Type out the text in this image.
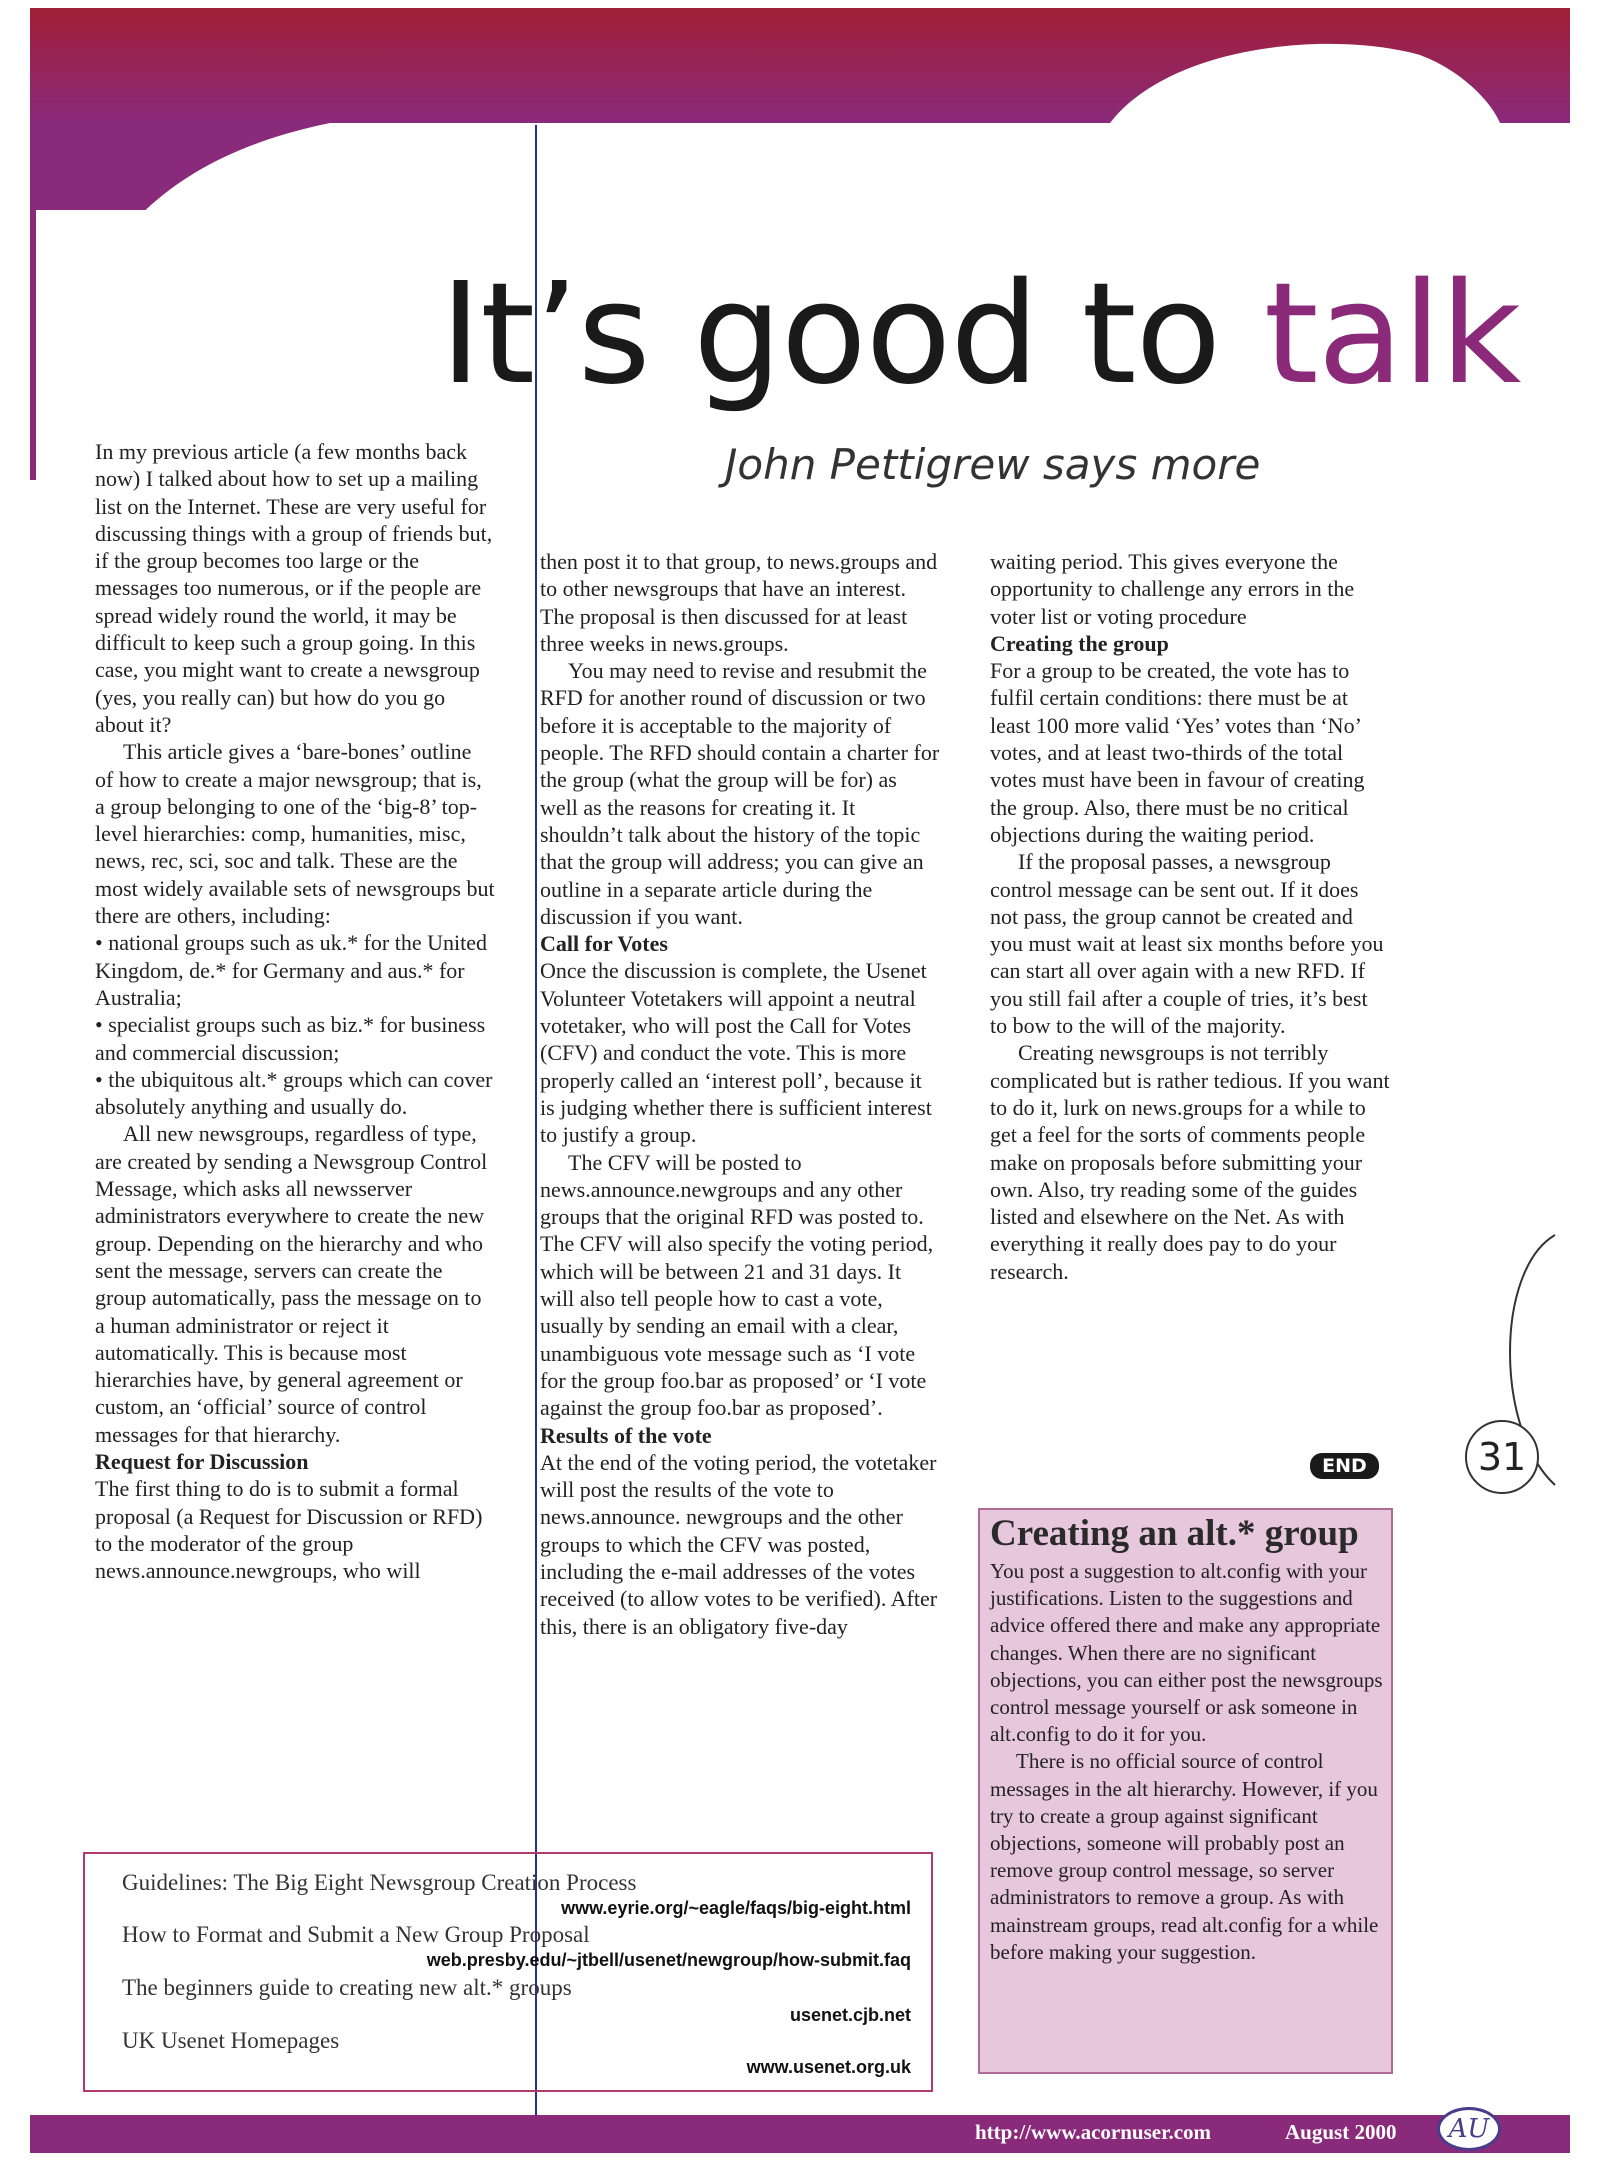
It’s good to talk
John Pettigrew says more

In my previous article (a few months back now) I talked about how to set up a mailing list on the Internet. These are very useful for discussing things with a group of friends but, if the group becomes too large or the messages too numerous, or if the people are spread widely round the world, it may be difficult to keep such a group going. In this case, you might want to create a newsgroup (yes, you really can) but how do you go about it?

This article gives a ‘bare-bones’ outline of how to create a major newsgroup; that is, a group belonging to one of the ‘big-8’ top-level hierarchies: comp, humanities, misc, news, rec, sci, soc and talk. These are the most widely available sets of newsgroups but there are others, including:

• national groups such as uk.* for the United Kingdom, de.* for Germany and aus.* for Australia;

• specialist groups such as biz.* for business and commercial discussion;

• the ubiquitous alt.* groups which can cover absolutely anything and usually do.

All new newsgroups, regardless of type, are created by sending a Newsgroup Control Message, which asks all newsserver administrators everywhere to create the new group. Depending on the hierarchy and who sent the message, servers can create the group automatically, pass the message on to a human administrator or reject it automatically. This is because most hierarchies have, by general agreement or custom, an ‘official’ source of control messages for that hierarchy.

Request for Discussion

The first thing to do is to submit a formal proposal (a Request for Discussion or RFD) to the moderator of the group news.announce.newgroups, who will

then post it to that group, to news.groups and to other newsgroups that have an interest. The proposal is then discussed for at least three weeks in news.groups.

You may need to revise and resubmit the RFD for another round of discussion or two before it is acceptable to the majority of people. The RFD should contain a charter for the group (what the group will be for) as well as the reasons for creating it. It shouldn’t talk about the history of the topic that the group will address; you can give an outline in a separate article during the discussion if you want.

Call for Votes

Once the discussion is complete, the Usenet Volunteer Votetakers will appoint a neutral votetaker, who will post the Call for Votes (CFV) and conduct the vote. This is more properly called an ‘interest poll’, because it is judging whether there is sufficient interest to justify a group.

The CFV will be posted to news.announce.newgroups and any other groups that the original RFD was posted to. The CFV will also specify the voting period, which will be between 21 and 31 days. It will also tell people how to cast a vote, usually by sending an email with a clear, unambiguous vote message such as ‘I vote for the group foo.bar as proposed’ or ‘I vote against the group foo.bar as proposed’.

Results of the vote

At the end of the voting period, the votetaker will post the results of the vote to news.announce. newgroups and the other groups to which the CFV was posted, including the e-mail addresses of the votes received (to allow votes to be verified). After this, there is an obligatory five-day

waiting period. This gives everyone the opportunity to challenge any errors in the voter list or voting procedure

Creating the group

For a group to be created, the vote has to fulfil certain conditions: there must be at least 100 more valid ‘Yes’ votes than ‘No’ votes, and at least two-thirds of the total votes must have been in favour of creating the group. Also, there must be no critical objections during the waiting period.

If the proposal passes, a newsgroup control message can be sent out. If it does not pass, the group cannot be created and you must wait at least six months before you can start all over again with a new RFD. If you still fail after a couple of tries, it’s best to bow to the will of the majority.

Creating newsgroups is not terribly complicated but is rather tedious. If you want to do it, lurk on news.groups for a while to get a feel for the sorts of comments people make on proposals before submitting your own. Also, try reading some of the guides listed and elsewhere on the Net. As with everything it really does pay to do your research.

END	31
Creating an alt.* group

You post a suggestion to alt.config with your justifications. Listen to the suggestions and advice offered there and make any appropriate changes. When there are no significant objections, you can either post the newsgroups control message yourself or ask someone in alt.config to do it for you.

There is no official source of control messages in the alt hierarchy. However, if you try to create a group against significant objections, someone will probably post an remove group control message, so server administrators to remove a group. As with mainstream groups, read alt.config for a while before making your suggestion.

Guidelines: The Big Eight Newsgroup Creation Process
www.eyrie.org/~eagle/faqs/big-eight.html
How to Format and Submit a New Group Proposal
web.presby.edu/~jtbell/usenet/newgroup/how-submit.faq
The beginners guide to creating new alt.* groups
usenet.cjb.net
UK Usenet Homepages
www.usenet.org.uk
http://www.acornuser.com	August 2000	AU
